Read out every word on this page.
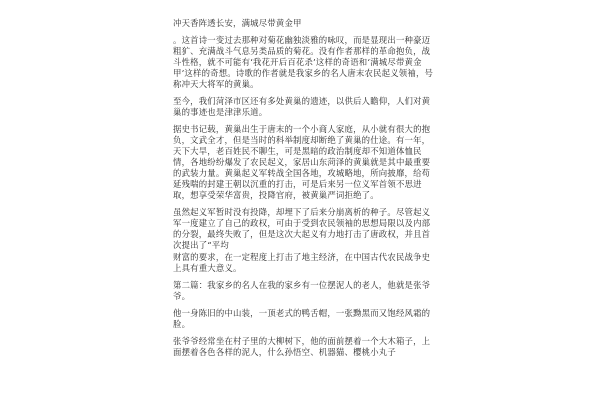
冲天香阵透长安，满城尽带黄金甲

。这首诗一变过去那种对菊花幽独淡雅的咏叹，而是显现出一种豪迈粗犷、充满战斗气息另类品质的菊花。没有作者那样的革命抱负，战斗性格，就不可能有‘我花开后百花杀’这样的奇语和‘满城尽带黄金甲’这样的奇想。诗歌的作者就是我家乡的名人唐末农民起义领袖，号称冲天大将军的黄巢。

至今，我们菏泽市区还有多处黄巢的遗迹，以供后人瞻仰，人们对黄巢的事迹也是津津乐道。

据史书记载，黄巢出生于唐末的一个小商人家庭，从小就有很大的抱负，文武全才，但是当时的科举制度却断绝了黄巢的仕途。有一年，天下大旱，老百姓民不聊生，可是黑暗的政治制度却不知道体恤民情，各地纷纷爆发了农民起义，家居山东菏泽的黄巢就是其中最重要的武装力量。黄巢起义军转战全国各地，攻城略地，所向披靡，给苟延残喘的封建王朝以沉重的打击，可是后来另一位义军首领不思进取，想享受荣华富贵，投降官府，被黄巢严词拒绝了。

虽然起义军暂时没有投降，却埋下了后来分崩离析的种子。尽管起义军一度建立了自己的政权，可由于受到农民领袖的思想局限以及内部的分裂，最终失败了，但是这次大起义有力地打击了唐政权，并且首次提出了“平均

财富的要求，在一定程度上打击了地主经济，在中国古代农民战争史上具有重大意义。

第二篇：我家乡的名人在我的家乡有一位摆泥人的老人，他就是张爷爷。

他一身陈旧的中山装，一顶老式的鸭舌帽，一张黝黑而又饱经风霜的脸。

张爷爷经常坐在村子里的大柳树下，他的面前摆着一个大木箱子，上面摆着各色各样的泥人，什么孙悟空、机器猫、樱桃小丸子
